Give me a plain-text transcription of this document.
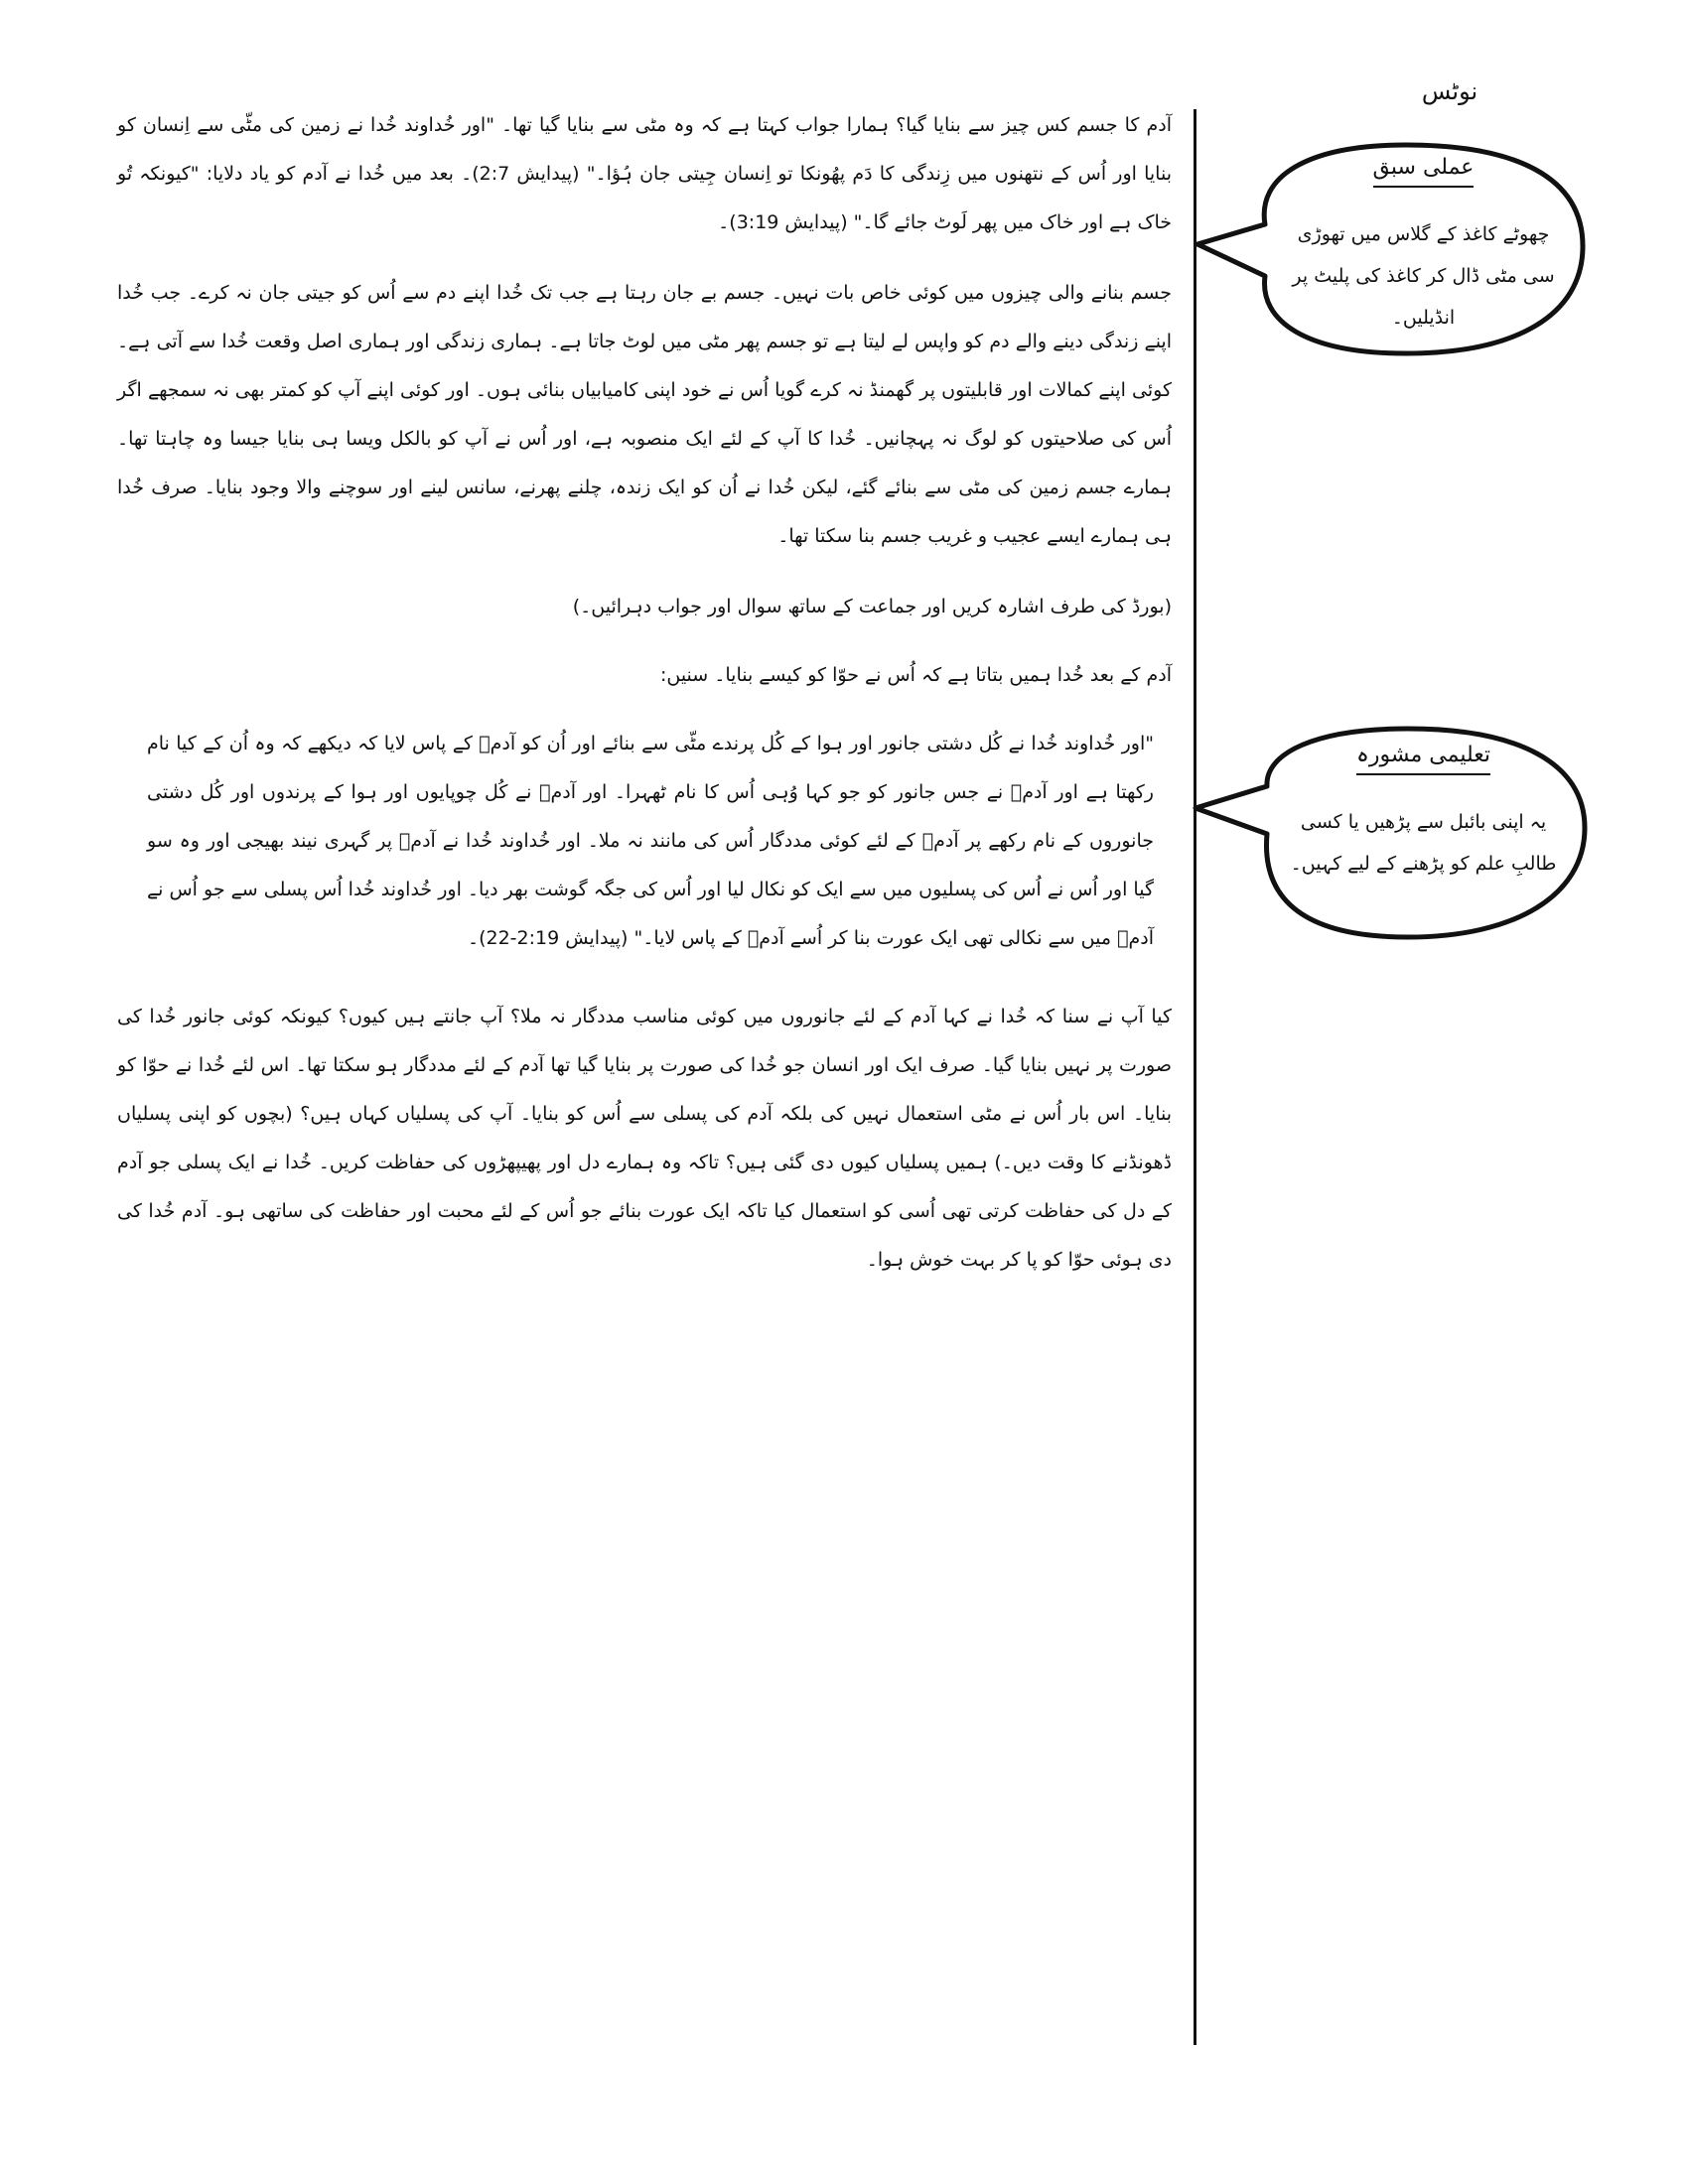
نوٹس
عملی سبق
چھوٹے کاغذ کے گلاس میں تھوڑی سی مٹی ڈال کر کاغذ کی پلیٹ پر انڈیلیں۔
تعلیمی مشورہ
یہ اپنی بائبل سے پڑھیں یا کسی طالبِ علم کو پڑھنے کے لیے کہیں۔

آدم کا جسم کس چیز سے بنایا گیا؟ ہمارا جواب کہتا ہے کہ وہ مٹی سے بنایا گیا تھا۔ "اور خُداوند خُدا نے زمین کی مٹّی سے اِنسان کو بنایا اور اُس کے نتھنوں میں زِندگی کا دَم پھُونکا تو اِنسان جِیتی جان ہُؤا۔" (پیدایش 2:7)۔ بعد میں خُدا نے آدم کو یاد دلایا: "کیونکہ تُو خاک ہے اور خاک میں پھر لَوٹ جائے گا۔" (پیدایش 3:19)۔

جسم بنانے والی چیزوں میں کوئی خاص بات نہیں۔ جسم بے جان رہتا ہے جب تک خُدا اپنے دم سے اُس کو جیتی جان نہ کرے۔ جب خُدا اپنے زندگی دینے والے دم کو واپس لے لیتا ہے تو جسم پھر مٹی میں لوٹ جاتا ہے۔ ہماری زندگی اور ہماری اصل وقعت خُدا سے آتی ہے۔ کوئی اپنے کمالات اور قابلیتوں پر گھمنڈ نہ کرے گویا اُس نے خود اپنی کامیابیاں بنائی ہوں۔ اور کوئی اپنے آپ کو کمتر بھی نہ سمجھے اگر اُس کی صلاحیتوں کو لوگ نہ پہچانیں۔ خُدا کا آپ کے لئے ایک منصوبہ ہے، اور اُس نے آپ کو بالکل ویسا ہی بنایا جیسا وہ چاہتا تھا۔ ہمارے جسم زمین کی مٹی سے بنائے گئے، لیکن خُدا نے اُن کو ایک زندہ، چلنے پھرنے، سانس لینے اور سوچنے والا وجود بنایا۔ صرف خُدا ہی ہمارے ایسے عجیب و غریب جسم بنا سکتا تھا۔

(بورڈ کی طرف اشارہ کریں اور جماعت کے ساتھ سوال اور جواب دہرائیں۔)

آدم کے بعد خُدا ہمیں بتاتا ہے کہ اُس نے حوّا کو کیسے بنایا۔ سنیں:

"اور خُداوند خُدا نے کُل دشتی جانور اور ہوا کے کُل پرندے مٹّی سے بنائے اور اُن کو آدمؔ کے پاس لایا کہ دیکھے کہ وہ اُن کے کیا نام رکھتا ہے اور آدمؔ نے جس جانور کو جو کہا وُہی اُس کا نام ٹھہرا۔ اور آدمؔ نے کُل چوپایوں اور ہوا کے پرندوں اور کُل دشتی جانوروں کے نام رکھے پر آدمؔ کے لئے کوئی مددگار اُس کی مانند نہ ملا۔ اور خُداوند خُدا نے آدمؔ پر گہری نیند بھیجی اور وہ سو گیا اور اُس نے اُس کی پسلیوں میں سے ایک کو نکال لیا اور اُس کی جگہ گوشت بھر دیا۔ اور خُداوند خُدا اُس پسلی سے جو اُس نے آدمؔ میں سے نکالی تھی ایک عورت بنا کر اُسے آدمؔ کے پاس لایا۔" (پیدایش 2:19-22)۔

کیا آپ نے سنا کہ خُدا نے کہا آدم کے لئے جانوروں میں کوئی مناسب مددگار نہ ملا؟ آپ جانتے ہیں کیوں؟ کیونکہ کوئی جانور خُدا کی صورت پر نہیں بنایا گیا۔ صرف ایک اور انسان جو خُدا کی صورت پر بنایا گیا تھا آدم کے لئے مددگار ہو سکتا تھا۔ اس لئے خُدا نے حوّا کو بنایا۔ اس بار اُس نے مٹی استعمال نہیں کی بلکہ آدم کی پسلی سے اُس کو بنایا۔ آپ کی پسلیاں کہاں ہیں؟ (بچوں کو اپنی پسلیاں ڈھونڈنے کا وقت دیں۔) ہمیں پسلیاں کیوں دی گئی ہیں؟ تاکہ وہ ہمارے دل اور پھیپھڑوں کی حفاظت کریں۔ خُدا نے ایک پسلی جو آدم کے دل کی حفاظت کرتی تھی اُسی کو استعمال کیا تاکہ ایک عورت بنائے جو اُس کے لئے محبت اور حفاظت کی ساتھی ہو۔ آدم خُدا کی دی ہوئی حوّا کو پا کر بہت خوش ہوا۔
